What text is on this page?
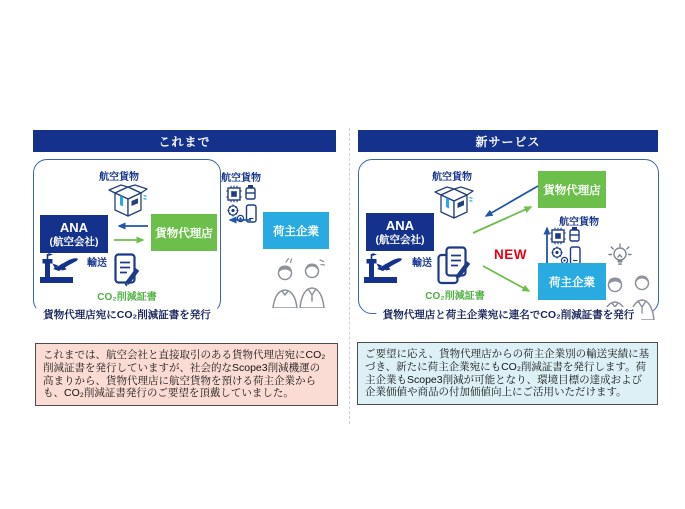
これまで
航空貨物
ANA
(航空会社)
貨物代理店
輸送
CO₂削減証書
貨物代理店宛にCO₂削減証書を発行
航空貨物
荷主企業
これまでは、航空会社と直接取引のある貨物代理店宛にCO₂削減証書を発行していますが、社会的なScope3削減機運の高まりから、貨物代理店に航空貨物を預ける荷主企業からも、CO₂削減証書発行のご要望を頂戴していました。
新サービス
航空貨物
ANA
(航空会社)
輸送
CO₂削減証書
NEW
貨物代理店
航空貨物
荷主企業
貨物代理店と荷主企業宛に連名でCO₂削減証書を発行
ご要望に応え、貨物代理店からの荷主企業別の輸送実績に基づき、新たに荷主企業宛にもCO₂削減証書を発行します。荷主企業もScope3削減が可能となり、環境目標の達成および企業価値や商品の付加価値向上にご活用いただけます。
